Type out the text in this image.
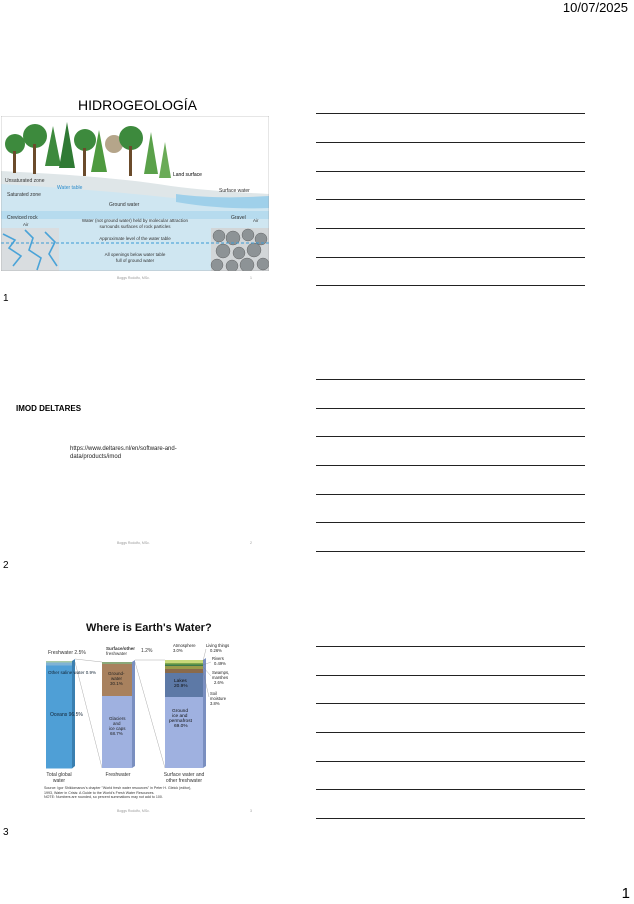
10/07/2025
1
HIDROGEOLOGÍA
Land surface
Unsaturated zone
Water table
Saturated zone
Surface water
Ground water
Creviced rock
Air
Gravel Air
Water (not ground water) held by molecular attraction
surrounds surfaces of rock particles
Approximate level of the water table
All openings below water table
full of ground water
Boggs Rodolfo, MSc.	1
1
IMOD DELTARES
https://www.deltares.nl/en/software-and-
data/products/imod
Boggs Rodolfo, MSc.	2
2
Where is Earth's Water?
Freshwater 2.5%
Other saline water 0.9%
Oceans 96.5%
Total global
water
Surface/other
freshwater	1.2%
Ground-
water
30.1%
Glaciers
and
ice caps
68.7%
Freshwater
Lakes
20.9%
Ground
ice and
permafrost
69.0%
Surface water and
other freshwater
Atmosphere
3.0%
Living things
0.26%
Rivers
0.49%
Swamps,
marshes
2.6%
Soil
moisture
3.8%
Source: Igor Shiklomanov's chapter "World fresh water resources" in Peter H. Gleick (editor),
1993, Water in Crisis: A Guide to the World's Fresh Water Resources.
NOTE: Numbers are rounded, so percent summations may not add to 100.
Boggs Rodolfo, MSc.	3
3
